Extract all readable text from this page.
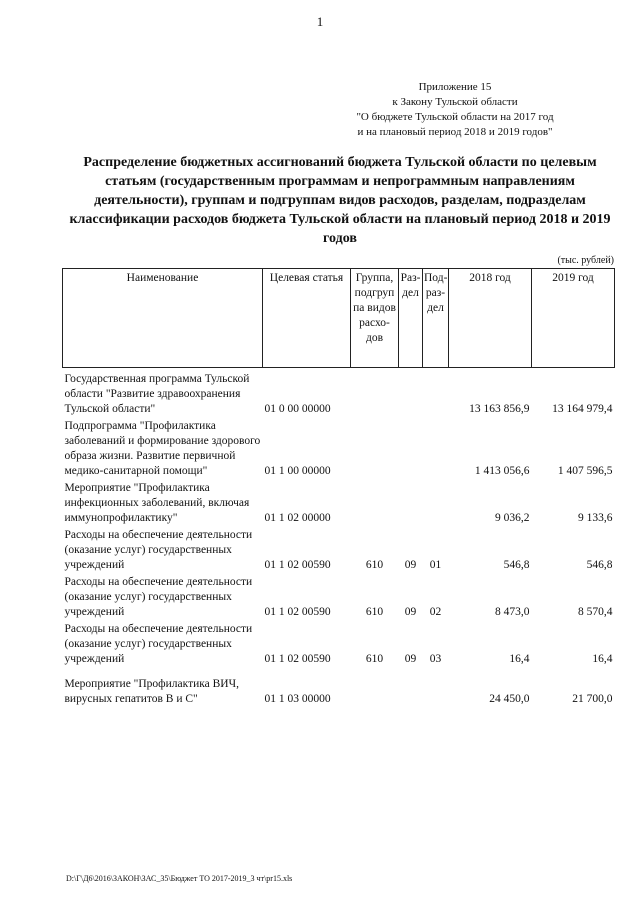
1
Приложение 15
к Закону Тульской области
"О бюджете Тульской области на 2017 год
и на плановый период 2018 и 2019 годов"
Распределение бюджетных ассигнований бюджета Тульской области по целевым статьям (государственным программам и непрограммным направлениям деятельности), группам и подгруппам видов расходов, разделам, подразделам классификации расходов бюджета Тульской области на плановый период 2018 и 2019 годов
(тыс. рублей)
Наименование	Целевая статья	Группа, подгруп па видов расхо- дов	Раз- дел	Под- раз- дел	2018 год	2019 год

Государственная программа Тульской области "Развитие здравоохранения Тульской области"	01 0 00 00000				13 163 856,9	13 164 979,4
Подпрограмма "Профилактика заболеваний и формирование здорового образа жизни. Развитие первичной медико-санитарной помощи"	01 1 00 00000				1 413 056,6	1 407 596,5
Мероприятие "Профилактика инфекционных заболеваний, включая иммунопрофилактику"	01 1 02 00000				9 036,2	9 133,6
Расходы на обеспечение деятельности (оказание услуг) государственных учреждений	01 1 02 00590	610	09	01	546,8	546,8
Расходы на обеспечение деятельности (оказание услуг) государственных учреждений	01 1 02 00590	610	09	02	8 473,0	8 570,4
Расходы на обеспечение деятельности (оказание услуг) государственных учреждений	01 1 02 00590	610	09	03	16,4	16,4
Мероприятие "Профилактика ВИЧ, вирусных гепатитов В и С"	01 1 03 00000				24 450,0	21 700,0
D:\Г\Д6\2016\ЗАКОН\ЗАС_35\Бюджет ТО 2017-2019_3 чт\pr15.xls
